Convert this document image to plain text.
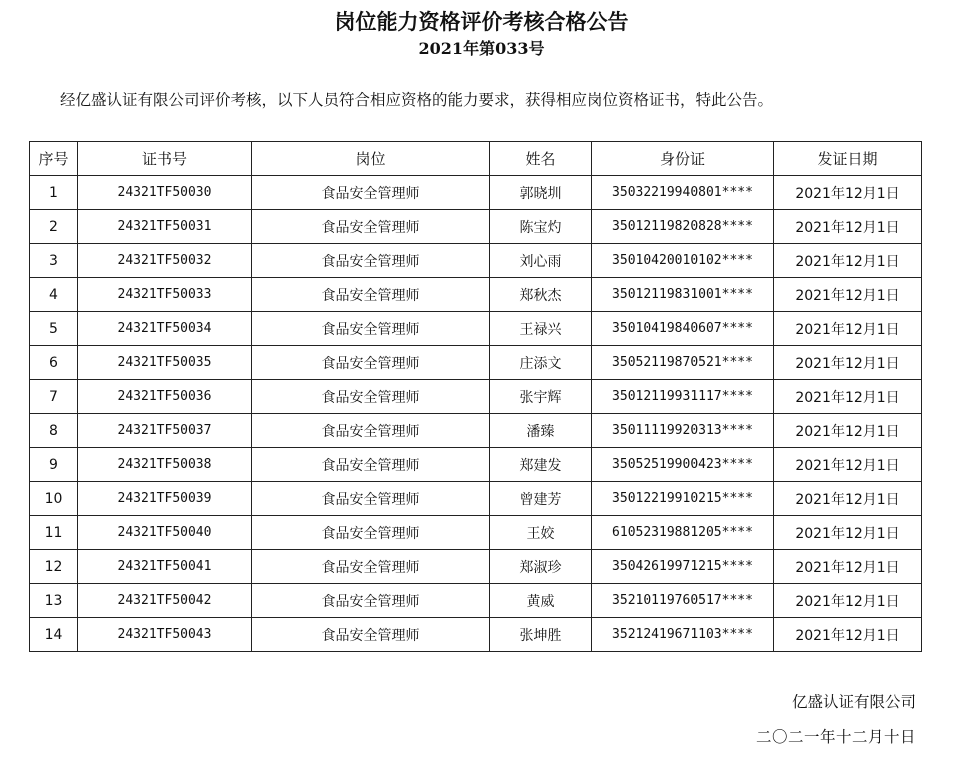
岗位能力资格评价考核合格公告
2021年第033号
经亿盛认证有限公司评价考核，以下人员符合相应资格的能力要求，获得相应岗位资格证书，特此公告。
序号	证书号	岗位	姓名	身份证	发证日期
1	24321TF50030	食品安全管理师	郭晓圳	35032219940801****	2021年12月1日
2	24321TF50031	食品安全管理师	陈宝灼	35012119820828****	2021年12月1日
3	24321TF50032	食品安全管理师	刘心雨	35010420010102****	2021年12月1日
4	24321TF50033	食品安全管理师	郑秋杰	35012119831001****	2021年12月1日
5	24321TF50034	食品安全管理师	王禄兴	35010419840607****	2021年12月1日
6	24321TF50035	食品安全管理师	庄添文	35052119870521****	2021年12月1日
7	24321TF50036	食品安全管理师	张宇辉	35012119931117****	2021年12月1日
8	24321TF50037	食品安全管理师	潘臻	35011119920313****	2021年12月1日
9	24321TF50038	食品安全管理师	郑建发	35052519900423****	2021年12月1日
10	24321TF50039	食品安全管理师	曾建芳	35012219910215****	2021年12月1日
11	24321TF50040	食品安全管理师	王姣	61052319881205****	2021年12月1日
12	24321TF50041	食品安全管理师	郑淑珍	35042619971215****	2021年12月1日
13	24321TF50042	食品安全管理师	黄威	35210119760517****	2021年12月1日
14	24321TF50043	食品安全管理师	张坤胜	35212419671103****	2021年12月1日
亿盛认证有限公司
二〇二一年十二月十日
